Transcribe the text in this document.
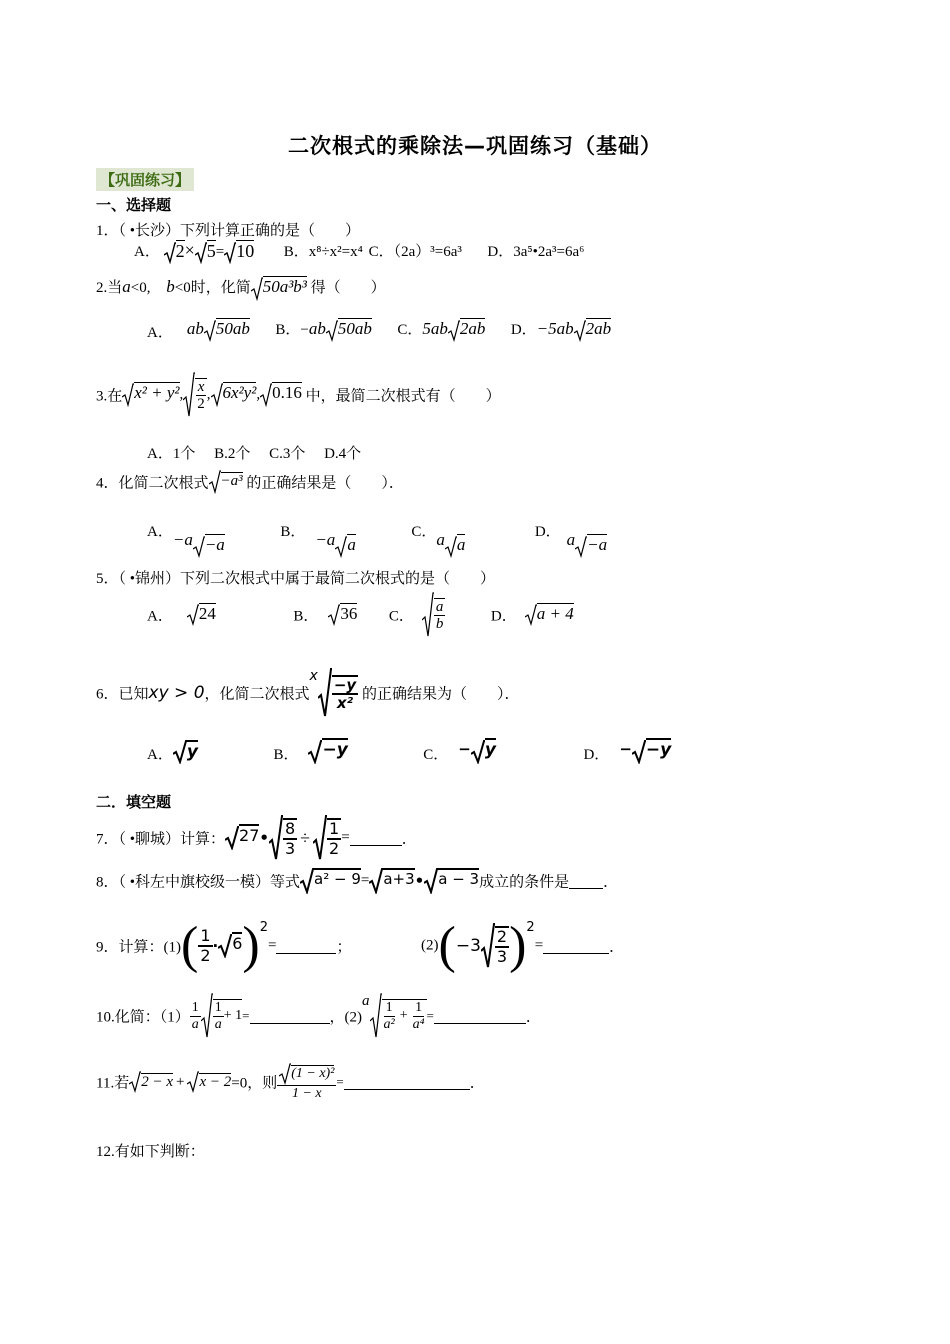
二次根式的乘除法—巩固练习（基础）
【巩固练习】
一、选择题
1．（ •长沙）下列计算正确的是（　　）
A． 2× 5= 10 B．x⁸÷x²=x⁴ C．（2a）³=6a³ D．3a⁵•2a³=6a⁶
2.当a<0, b<0时，化简 50a³b³ 得（　　）
A． ab 50ab B．−ab 50ab C．5ab 2ab D．−5ab 2ab
3.在 x² + y², $\frac{x}{2}$ , 6x²y², 0.16 中，最简二次根式有（　　）
A．1个　 B.2个　 C.3个　 D.4个
4．化简二次根式 −a³ 的正确结果是（　　）．
A．−a −a  B． −a a  C．a a  D． a −a
5．（ •锦州）下列二次根式中属于最简二次根式的是（　　）
A． 24	B． 36 C． $\frac{a}{b}$	D． a + 4
6．已知xy > 0，化简二次根式x $\frac{-y}{\text{x²}}$ 的正确结果为（　　）．
A． y	B． −y	C． − y	D． − −y
二．填空题
7．（ •聊城）计算： 27• $\frac{8}{3} \div \frac{1}{2}$ =	．
8．（ •科左中旗校级一模）等式 a² − 9= a+3• a − 3成立的条件是 ．
9．计算：$(1)( \frac{1}{2} \cdot 6)2=$	；	$(2)(-3 \frac{2}{3} )2=$	．
10.化简：$(1) \frac{1}{a} \frac{1}{a} + 1=$	，$(2)a \frac{1}{\text{a²}} + \frac{1}{\text{a⁴}}$ =	．
11.若 2 − x + x − 2=0，则 $\frac{\text{(1 − x)²}}{1 - x}$ =	．
12.有如下判断：
